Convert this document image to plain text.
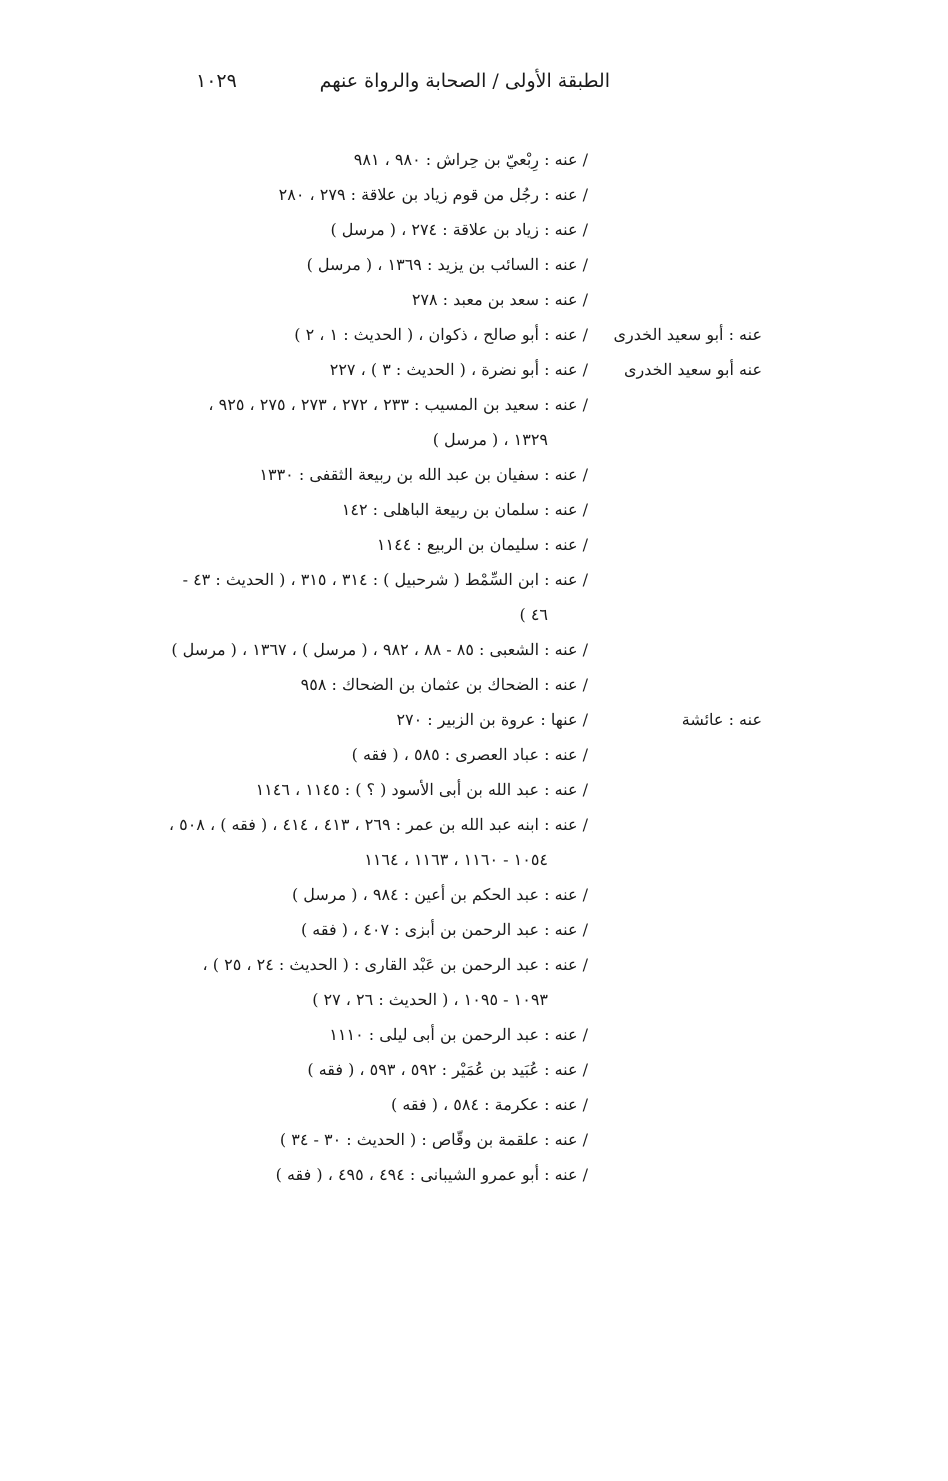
الطبقة الأولى / الصحابة والرواة عنهم
١٠٢٩
/ عنه : رِبْعيّ بن حِراش : ٩٨٠ ، ٩٨١
/ عنه : رجُل من قوم زياد بن علاقة : ٢٧٩ ، ٢٨٠
/ عنه : زياد بن علاقة : ٢٧٤ ، ( مرسل )
/ عنه : السائب بن يزيد : ١٣٦٩ ، ( مرسل )
/ عنه : سعد بن معبد : ٢٧٨
عنه : أبو سعيد الخدرى
/ عنه : أبو صالح ، ذكوان ، ( الحديث : ١ ، ٢ )
عنه أبو سعيد الخدرى
/ عنه : أبو نضرة ، ( الحديث : ٣ ) ، ٢٢٧
/ عنه : سعيد بن المسيب : ٢٣٣ ، ٢٧٢ ، ٢٧٣ ، ٢٧٥ ، ٩٢٥ ،
١٣٢٩ ، ( مرسل )
/ عنه : سفيان بن عبد الله بن ربيعة الثقفى : ١٣٣٠
/ عنه : سلمان بن ربيعة الباهلى : ١٤٢
/ عنه : سليمان بن الربيع : ١١٤٤
/ عنه : ابن السِّمْط ( شرحبيل ) : ٣١٤ ، ٣١٥ ، ( الحديث : ٤٣ -
٤٦ )
/ عنه : الشعبى : ٨٥ - ٨٨ ، ٩٨٢ ، ( مرسل ) ، ١٣٦٧ ، ( مرسل )
/ عنه : الضحاك بن عثمان بن الضحاك : ٩٥٨
عنه : عائشة
/ عنها : عروة بن الزبير : ٢٧٠
/ عنه : عباد العصرى : ٥٨٥ ، ( فقه )
/ عنه : عبد الله بن أبى الأسود ( ؟ ) : ١١٤٥ ، ١١٤٦
/ عنه : ابنه عبد الله بن عمر : ٢٦٩ ، ٤١٣ ، ٤١٤ ، ( فقه ) ، ٥٠٨ ،
١٠٥٤ - ١١٦٠ ، ١١٦٣ ، ١١٦٤
/ عنه : عبد الحكم بن أعين : ٩٨٤ ، ( مرسل )
/ عنه : عبد الرحمن بن أبزى : ٤٠٧ ، ( فقه )
/ عنه : عبد الرحمن بن عَبْد القارى : ( الحديث : ٢٤ ، ٢٥ ) ،
١٠٩٣ - ١٠٩٥ ، ( الحديث : ٢٦ ، ٢٧ )
/ عنه : عبد الرحمن بن أبى ليلى : ١١١٠
/ عنه : عُبَيد بن عُمَيْر : ٥٩٢ ، ٥٩٣ ، ( فقه )
/ عنه : عكرمة : ٥٨٤ ، ( فقه )
/ عنه : علقمة بن وقّاص : ( الحديث : ٣٠ - ٣٤ )
/ عنه : أبو عمرو الشيبانى : ٤٩٤ ، ٤٩٥ ، ( فقه )
